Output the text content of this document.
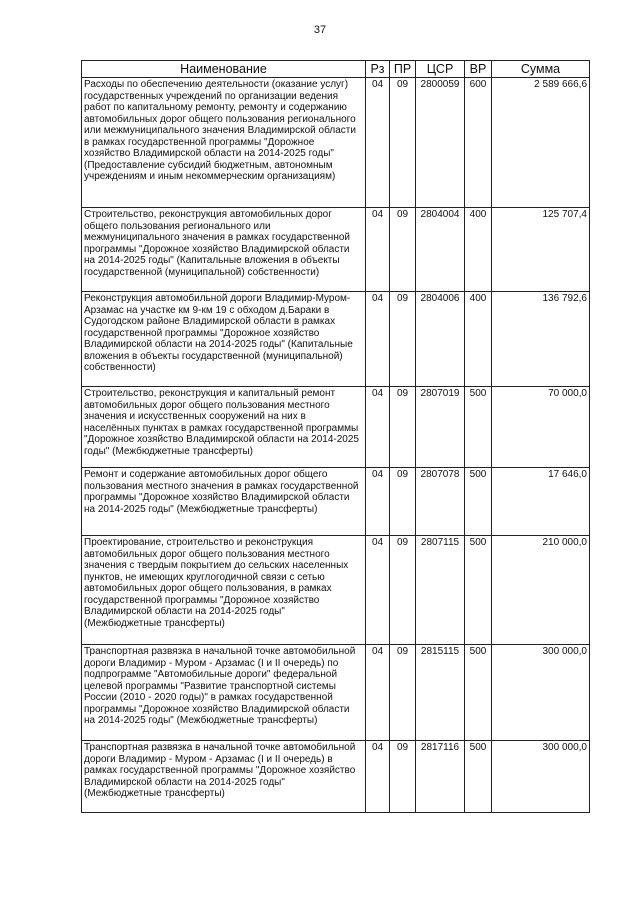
37
Наименование	Рз	ПР	ЦСР	ВР	Сумма
Расходы по обеспечению деятельности (оказание услуг) государственных учреждений по организации ведения работ по капитальному ремонту, ремонту и содержанию автомобильных дорог общего пользования регионального или межмуниципального значения Владимирской области в рамках государственной программы "Дорожное хозяйство Владимирской области на 2014-2025 годы" (Предоставление субсидий бюджетным, автономным учреждениям и иным некоммерческим организациям)	04	09	2800059	600	2 589 666,6
Строительство, реконструкция автомобильных дорог общего пользования регионального или межмуниципального значения в рамках государственной программы "Дорожное хозяйство Владимирской области на 2014-2025 годы" (Капитальные вложения в объекты государственной (муниципальной) собственности)	04	09	2804004	400	125 707,4
Реконструкция автомобильной дороги Владимир-Муром-Арзамас на участке км 9-км 19 с обходом д.Бараки в Судогодском районе Владимирской области в рамках государственной программы "Дорожное хозяйство Владимирской области на 2014-2025 годы" (Капитальные вложения в объекты государственной (муниципальной) собственности)	04	09	2804006	400	136 792,6
Строительство, реконструкция и капитальный ремонт автомобильных дорог общего пользования местного значения и искусственных сооружений на них в населённых пунктах в рамках государственной программы "Дорожное хозяйство Владимирской области на 2014-2025 годы" (Межбюджетные трансферты)	04	09	2807019	500	70 000,0
Ремонт и содержание автомобильных дорог общего пользования местного значения в рамках государственной программы "Дорожное хозяйство Владимирской области на 2014-2025 годы" (Межбюджетные трансферты)	04	09	2807078	500	17 646,0
Проектирование, строительство и реконструкция автомобильных дорог общего пользования местного значения с твердым покрытием до сельских населенных пунктов, не имеющих круглогодичной связи с сетью автомобильных дорог общего пользования, в рамках государственной программы "Дорожное хозяйство Владимирской области на 2014-2025 годы" (Межбюджетные трансферты)	04	09	2807115	500	210 000,0
Транспортная развязка в начальной точке автомобильной дороги Владимир - Муром - Арзамас (I и II очередь) по подпрограмме "Автомобильные дороги" федеральной целевой программы "Развитие транспортной системы России (2010 - 2020 годы)" в рамках государственной программы "Дорожное хозяйство Владимирской области на 2014-2025 годы" (Межбюджетные трансферты)	04	09	2815115	500	300 000,0
Транспортная развязка в начальной точке автомобильной дороги Владимир - Муром - Арзамас (I и II очередь) в рамках государственной программы "Дорожное хозяйство Владимирской области на 2014-2025 годы" (Межбюджетные трансферты)	04	09	2817116	500	300 000,0
